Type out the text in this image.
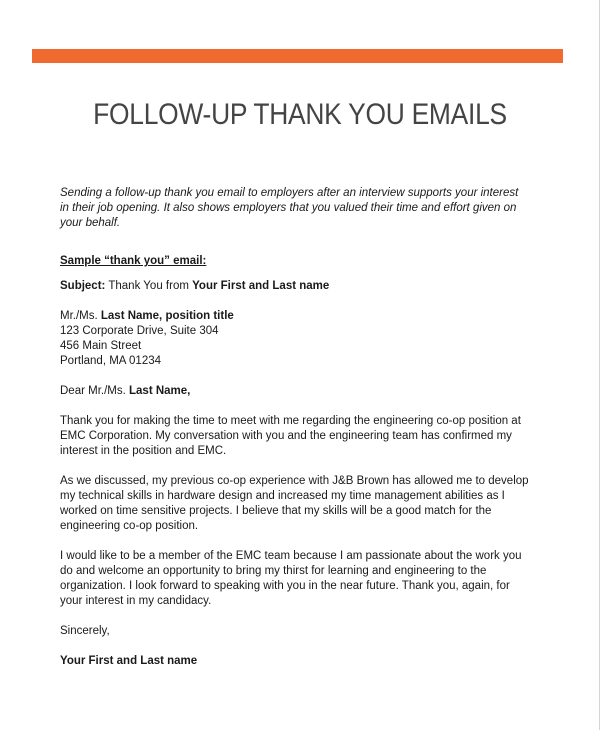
FOLLOW-UP THANK YOU EMAILS

Sending a follow-up thank you email to employers after an interview supports your interest in their job opening. It also shows employers that you valued their time and effort given on your behalf.

Sample “thank you” email:

Subject: Thank You from Your First and Last name

Mr./Ms. Last Name, position title
123 Corporate Drive, Suite 304
456 Main Street
Portland, MA 01234

Dear Mr./Ms. Last Name,

Thank you for making the time to meet with me regarding the engineering co-op position at EMC Corporation. My conversation with you and the engineering team has confirmed my interest in the position and EMC.

As we discussed, my previous co-op experience with J&B Brown has allowed me to develop my technical skills in hardware design and increased my time management abilities as I worked on time sensitive projects. I believe that my skills will be a good match for the engineering co-op position.

I would like to be a member of the EMC team because I am passionate about the work you do and welcome an opportunity to bring my thirst for learning and engineering to the organization. I look forward to speaking with you in the near future. Thank you, again, for your interest in my candidacy.

Sincerely,

Your First and Last name
